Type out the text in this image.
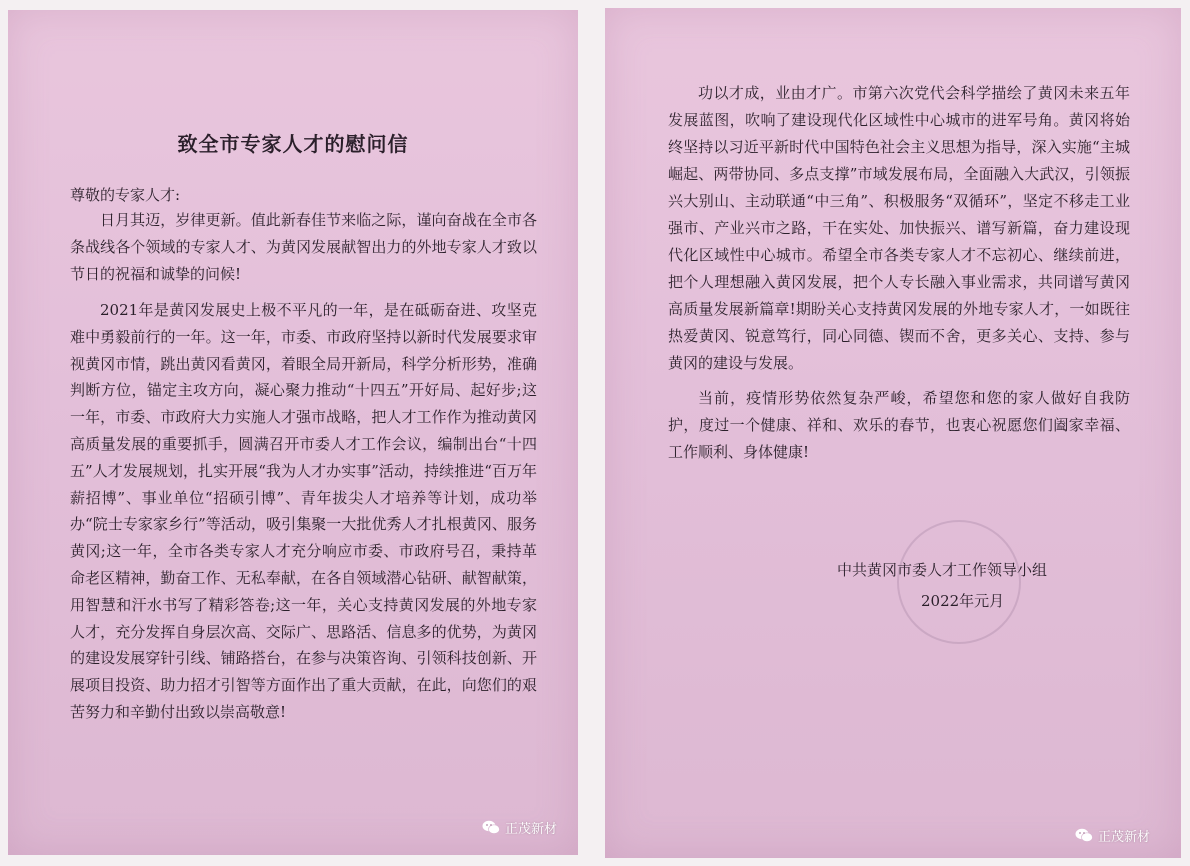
致全市专家人才的慰问信
尊敬的专家人才:

日月其迈，岁律更新。值此新春佳节来临之际，谨向奋战在全市各条战线各个领域的专家人才、为黄冈发展献智出力的外地专家人才致以节日的祝福和诚挚的问候!

2021年是黄冈发展史上极不平凡的一年，是在砥砺奋进、攻坚克难中勇毅前行的一年。这一年，市委、市政府坚持以新时代发展要求审视黄冈市情，跳出黄冈看黄冈，着眼全局开新局，科学分析形势，准确判断方位，锚定主攻方向，凝心聚力推动“十四五”开好局、起好步;这一年，市委、市政府大力实施人才强市战略，把人才工作作为推动黄冈高质量发展的重要抓手，圆满召开市委人才工作会议，编制出台“十四五”人才发展规划，扎实开展“我为人才办实事”活动，持续推进“百万年薪招博”、事业单位“招硕引博”、青年拔尖人才培养等计划，成功举办“院士专家家乡行”等活动，吸引集聚一大批优秀人才扎根黄冈、服务黄冈;这一年，全市各类专家人才充分响应市委、市政府号召，秉持革命老区精神，勤奋工作、无私奉献，在各自领域潜心钻研、献智献策，用智慧和汗水书写了精彩答卷;这一年，关心支持黄冈发展的外地专家人才，充分发挥自身层次高、交际广、思路活、信息多的优势，为黄冈的建设发展穿针引线、铺路搭台，在参与决策咨询、引领科技创新、开展项目投资、助力招才引智等方面作出了重大贡献，在此，向您们的艰苦努力和辛勤付出致以崇高敬意!

功以才成，业由才广。市第六次党代会科学描绘了黄冈未来五年发展蓝图，吹响了建设现代化区域性中心城市的进军号角。黄冈将始终坚持以习近平新时代中国特色社会主义思想为指导，深入实施“主城崛起、两带协同、多点支撑”市域发展布局，全面融入大武汉，引领振兴大别山、主动联通“中三角”、积极服务“双循环”，坚定不移走工业强市、产业兴市之路，干在实处、加快振兴、谱写新篇，奋力建设现代化区域性中心城市。希望全市各类专家人才不忘初心、继续前进，把个人理想融入黄冈发展，把个人专长融入事业需求，共同谱写黄冈高质量发展新篇章!期盼关心支持黄冈发展的外地专家人才，一如既往热爱黄冈、锐意笃行，同心同德、锲而不舍，更多关心、支持、参与黄冈的建设与发展。

当前，疫情形势依然复杂严峻，希望您和您的家人做好自我防护，度过一个健康、祥和、欢乐的春节，也衷心祝愿您们阖家幸福、工作顺利、身体健康!

中共黄冈市委人才工作领导小组
2022年元月
正茂新材
正茂新材
